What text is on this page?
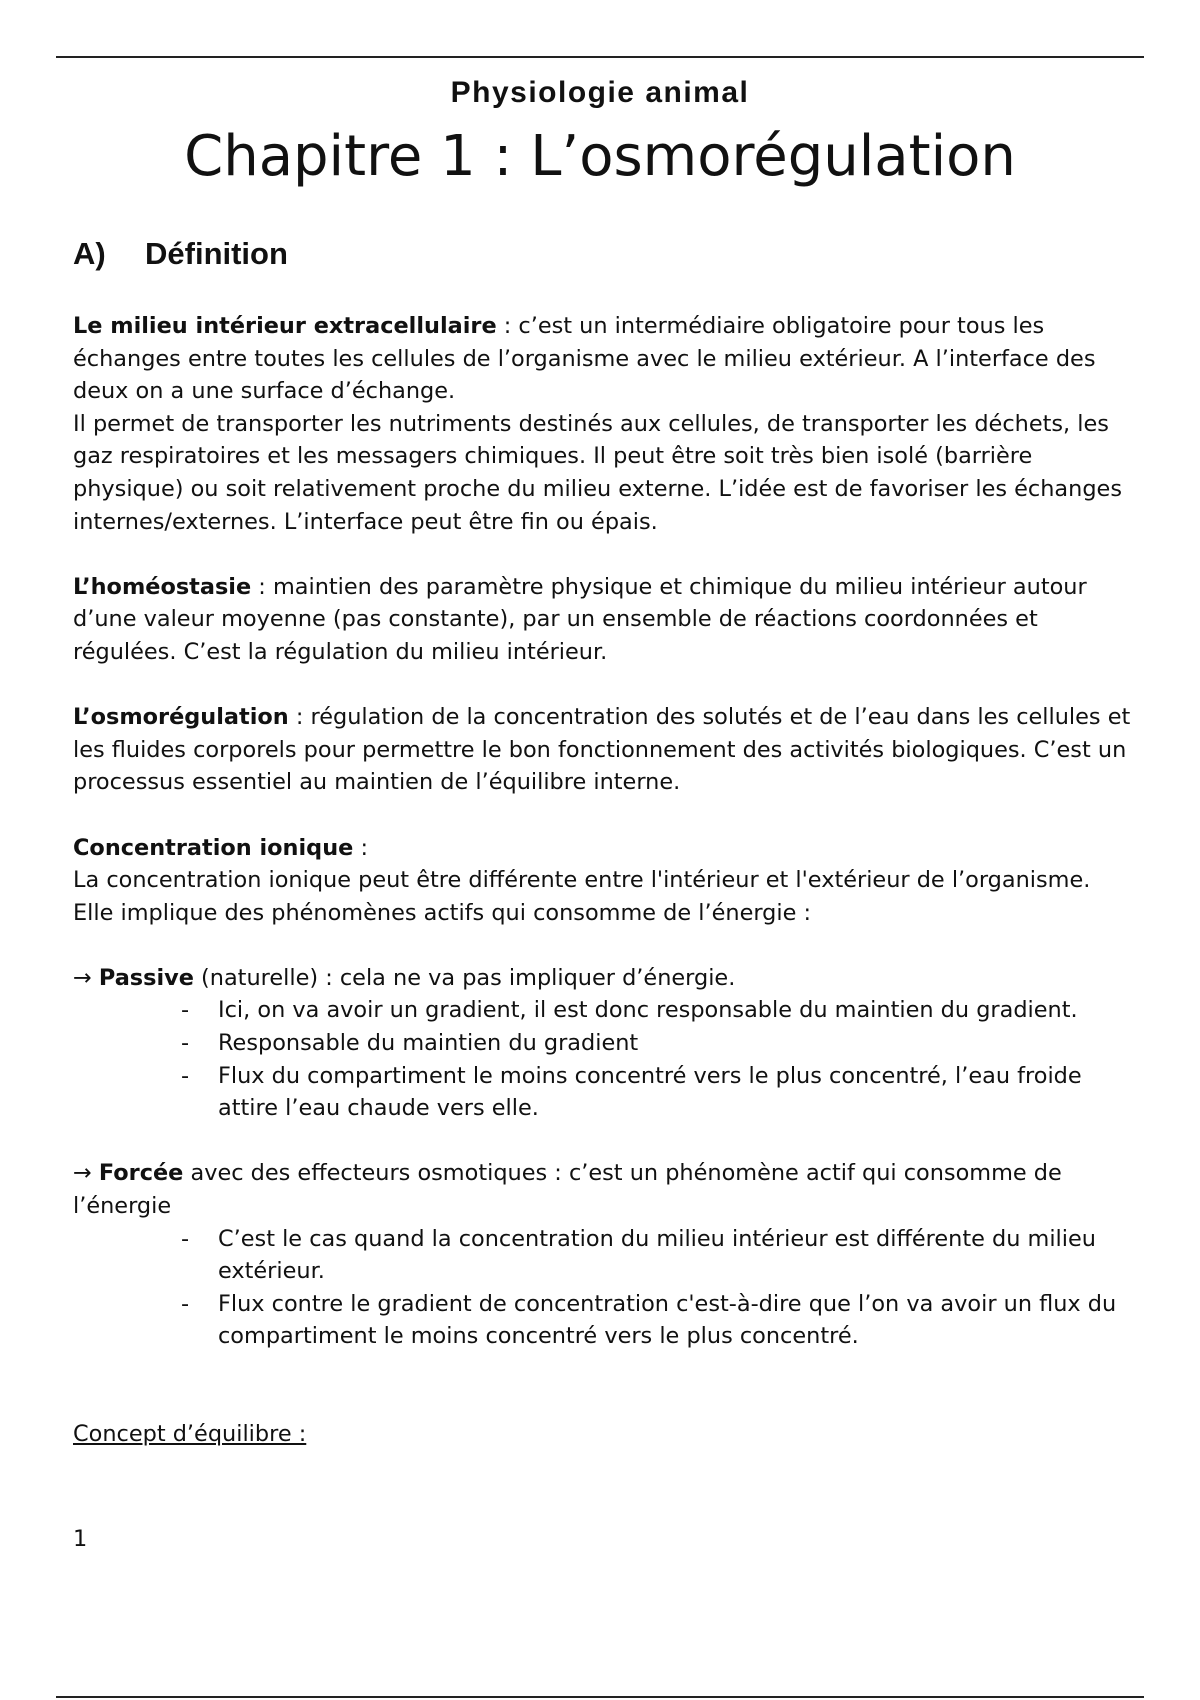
Physiologie animal
Chapitre 1 : L’osmorégulation
A) Définition

Le milieu intérieur extracellulaire : c’est un intermédiaire obligatoire pour tous les échanges entre toutes les cellules de l’organisme avec le milieu extérieur. A l’interface des deux on a une surface d’échange.

Il permet de transporter les nutriments destinés aux cellules, de transporter les déchets, les gaz respiratoires et les messagers chimiques. Il peut être soit très bien isolé (barrière physique) ou soit relativement proche du milieu externe. L’idée est de favoriser les échanges internes/externes. L’interface peut être fin ou épais.

L’homéostasie : maintien des paramètre physique et chimique du milieu intérieur autour d’une valeur moyenne (pas constante), par un ensemble de réactions coordonnées et régulées. C’est la régulation du milieu intérieur.

L’osmorégulation : régulation de la concentration des solutés et de l’eau dans les cellules et les fluides corporels pour permettre le bon fonctionnement des activités biologiques. C’est un processus essentiel au maintien de l’équilibre interne.

Concentration ionique :

La concentration ionique peut être différente entre l'intérieur et l'extérieur de l’organisme.

Elle implique des phénomènes actifs qui consomme de l’énergie :

→ Passive (naturelle) : cela ne va pas impliquer d’énergie.

- Ici, on va avoir un gradient, il est donc responsable du maintien du gradient.
- Responsable du maintien du gradient
- Flux du compartiment le moins concentré vers le plus concentré, l’eau froide attire l’eau chaude vers elle.

→ Forcée avec des effecteurs osmotiques : c’est un phénomène actif qui consomme de l’énergie

- C’est le cas quand la concentration du milieu intérieur est différente du milieu extérieur.
- Flux contre le gradient de concentration c'est-à-dire que l’on va avoir un flux du compartiment le moins concentré vers le plus concentré.

Concept d’équilibre :

1
